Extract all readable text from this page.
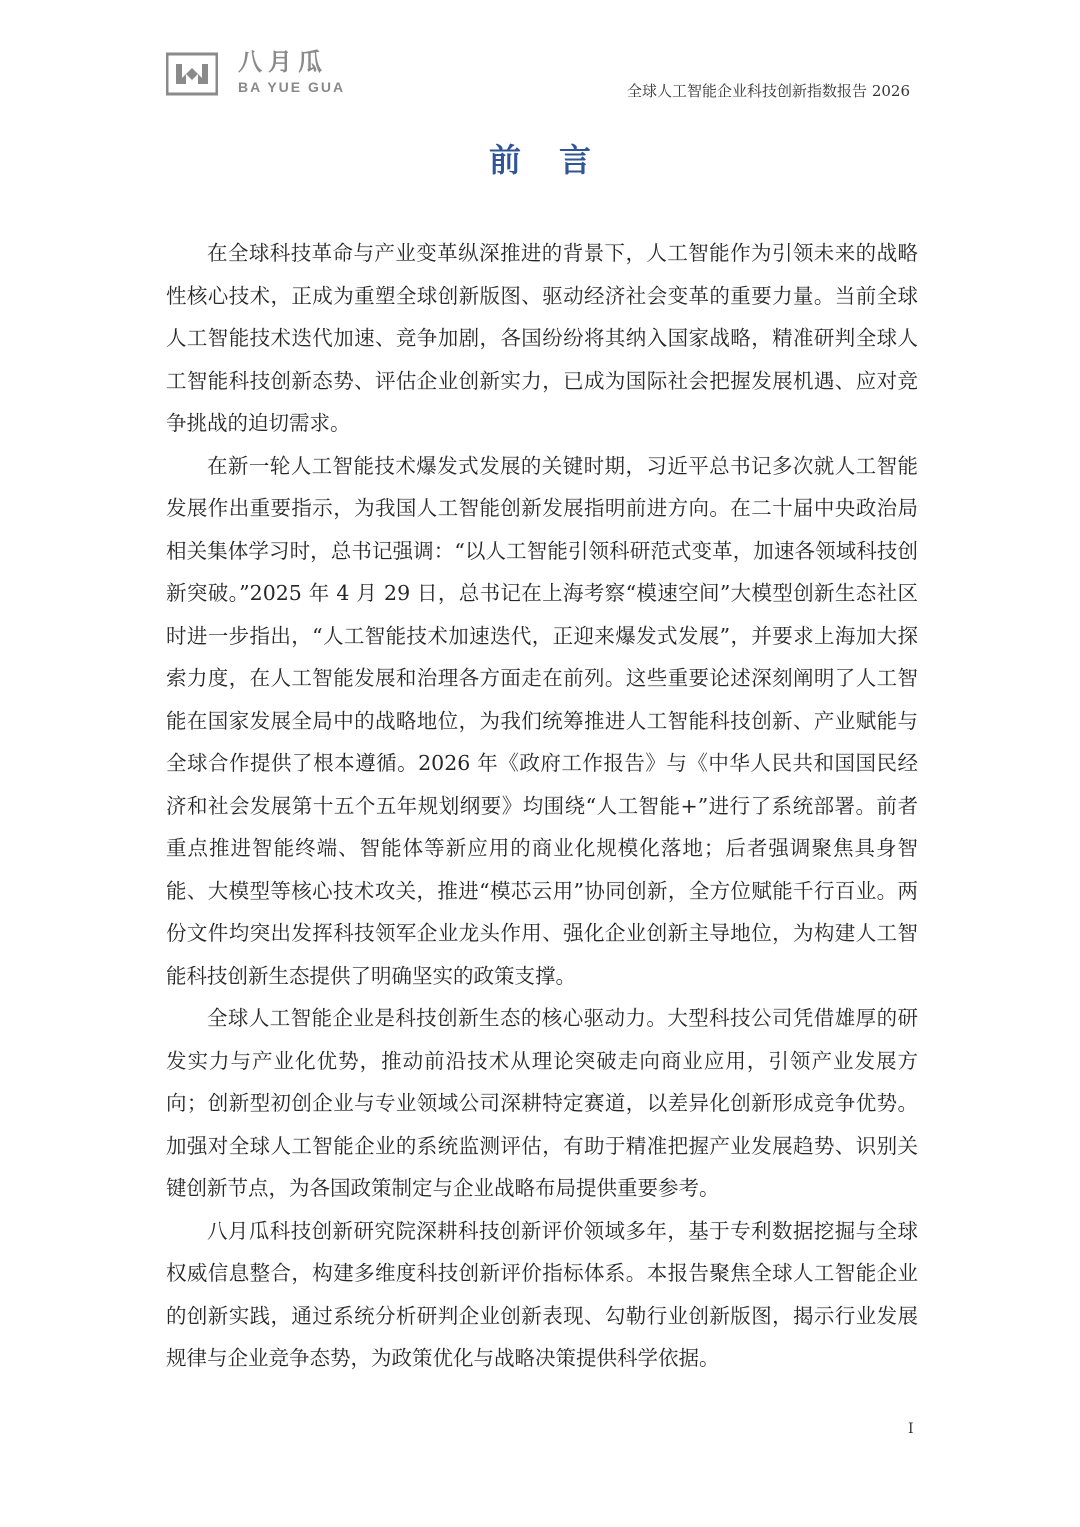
八月瓜
BA YUE GUA	全球人工智能企业科技创新指数报告 2026
前言

在全球科技革命与产业变革纵深推进的背景下，人工智能作为引领未来的战略性核心技术，正成为重塑全球创新版图、驱动经济社会变革的重要力量。当前全球人工智能技术迭代加速、竞争加剧，各国纷纷将其纳入国家战略，精准研判全球人工智能科技创新态势、评估企业创新实力，已成为国际社会把握发展机遇、应对竞争挑战的迫切需求。

在新一轮人工智能技术爆发式发展的关键时期，习近平总书记多次就人工智能发展作出重要指示，为我国人工智能创新发展指明前进方向。在二十届中央政治局相关集体学习时，总书记强调：“以人工智能引领科研范式变革，加速各领域科技创新突破。”2025 年 4 月 29 日，总书记在上海考察“模速空间”大模型创新生态社区时进一步指出，“人工智能技术加速迭代，正迎来爆发式发展”，并要求上海加大探索力度，在人工智能发展和治理各方面走在前列。这些重要论述深刻阐明了人工智能在国家发展全局中的战略地位，为我们统筹推进人工智能科技创新、产业赋能与全球合作提供了根本遵循。2026 年《政府工作报告》与《中华人民共和国国民经济和社会发展第十五个五年规划纲要》均围绕“人工智能+”进行了系统部署。前者重点推进智能终端、智能体等新应用的商业化规模化落地；后者强调聚焦具身智能、大模型等核心技术攻关，推进“模芯云用”协同创新，全方位赋能千行百业。两份文件均突出发挥科技领军企业龙头作用、强化企业创新主导地位，为构建人工智能科技创新生态提供了明确坚实的政策支撑。

全球人工智能企业是科技创新生态的核心驱动力。大型科技公司凭借雄厚的研发实力与产业化优势，推动前沿技术从理论突破走向商业应用，引领产业发展方向；创新型初创企业与专业领域公司深耕特定赛道，以差异化创新形成竞争优势。加强对全球人工智能企业的系统监测评估，有助于精准把握产业发展趋势、识别关键创新节点，为各国政策制定与企业战略布局提供重要参考。

八月瓜科技创新研究院深耕科技创新评价领域多年，基于专利数据挖掘与全球权威信息整合，构建多维度科技创新评价指标体系。本报告聚焦全球人工智能企业的创新实践，通过系统分析研判企业创新表现、勾勒行业创新版图，揭示行业发展规律与企业竞争态势，为政策优化与战略决策提供科学依据。

I
